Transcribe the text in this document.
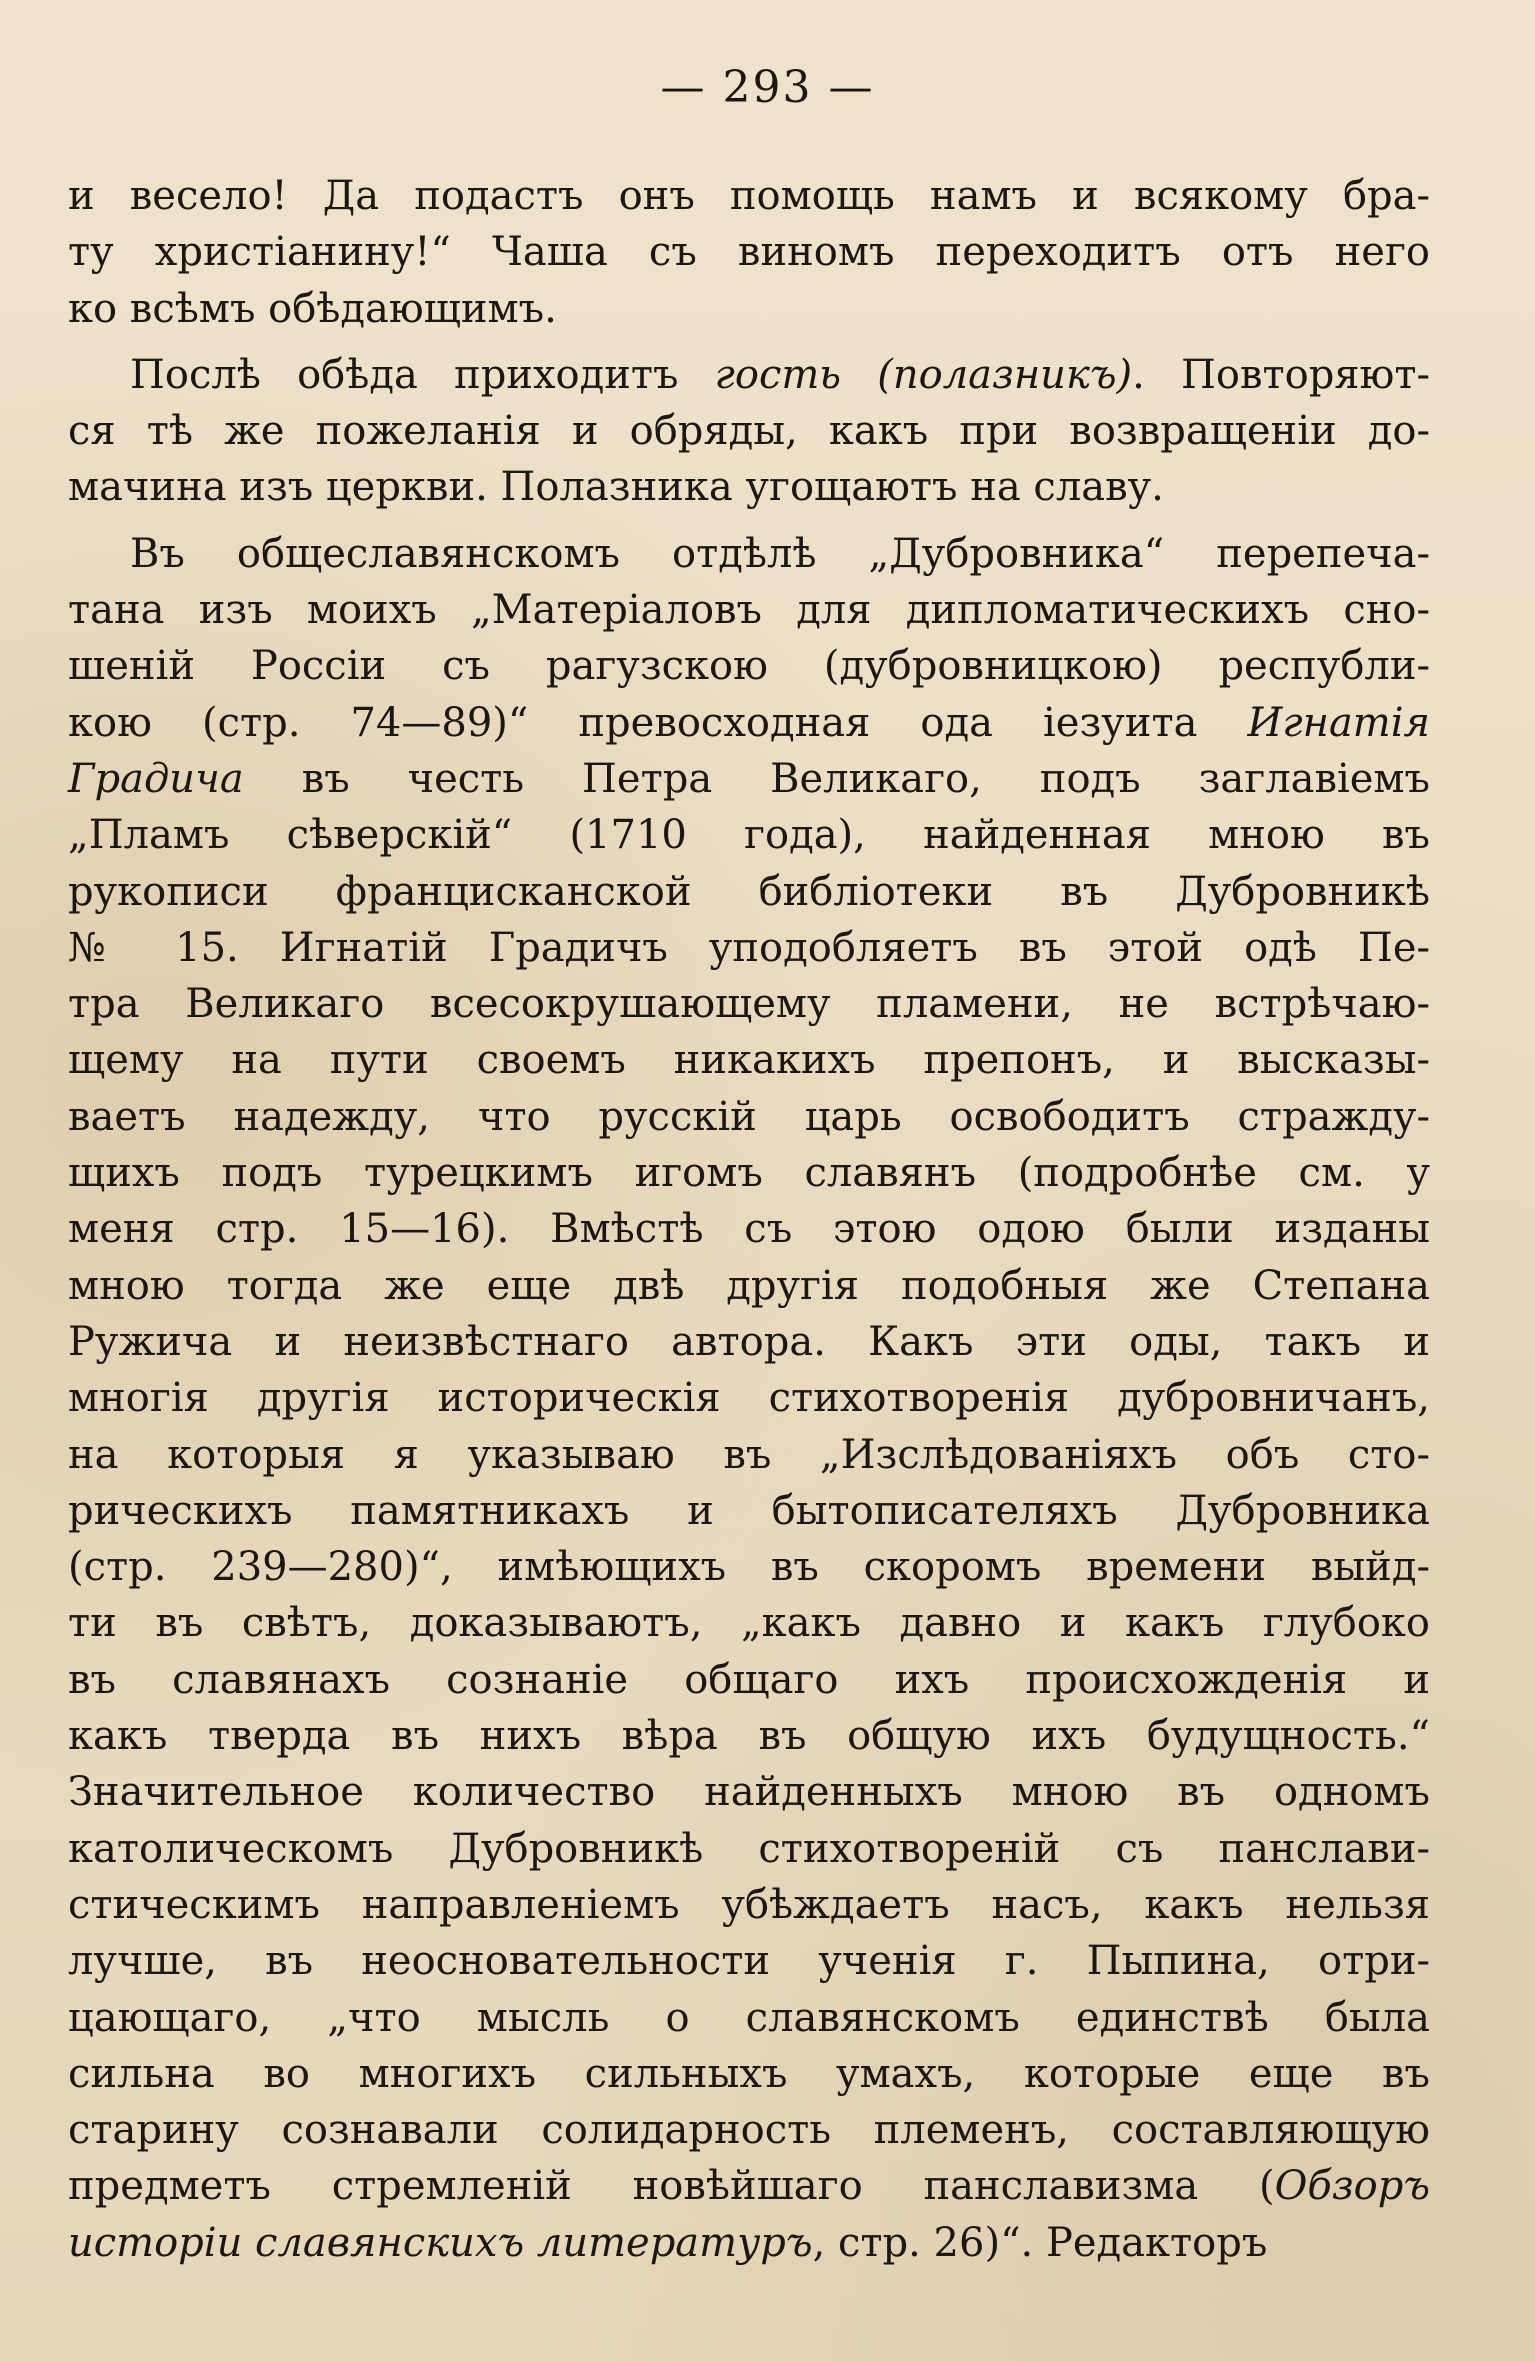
— 293 —
и весело! Да подастъ онъ помощь намъ и всякому бра-
ту христіанину!“ Чаша съ виномъ переходитъ отъ него
ко всѣмъ обѣдающимъ.
Послѣ обѣда приходитъ гость (полазникъ). Повторяют-
ся тѣ же пожеланія и обряды, какъ при возвращеніи до-
мачина изъ церкви. Полазника угощаютъ на славу.
Въ общеславянскомъ отдѣлѣ „Дубровника“ перепеча-
тана изъ моихъ „Матеріаловъ для дипломатическихъ сно-
шеній Россіи съ рагузскою (дубровницкою) республи-
кою (стр. 74—89)“ превосходная ода іезуита Игнатія
Градича въ честь Петра Великаго, подъ заглавіемъ
„Пламъ сѣверскій“ (1710 года), найденная мною въ
рукописи францисканской библіотеки въ Дубровникѣ
№ 15. Игнатій Градичъ уподобляетъ въ этой одѣ Пе-
тра Великаго всесокрушающему пламени, не встрѣчаю-
щему на пути своемъ никакихъ препонъ, и высказы-
ваетъ надежду, что русскій царь освободитъ стражду-
щихъ подъ турецкимъ игомъ славянъ (подробнѣе см. у
меня стр. 15—16). Вмѣстѣ съ этою одою были изданы
мною тогда же еще двѣ другія подобныя же Степана
Ружича и неизвѣстнаго автора. Какъ эти оды, такъ и
многія другія историческія стихотворенія дубровничанъ,
на которыя я указываю въ „Изслѣдованіяхъ объ сто-
рическихъ памятникахъ и бытописателяхъ Дубровника
(стр. 239—280)“, имѣющихъ въ скоромъ времени выйд-
ти въ свѣтъ, доказываютъ, „какъ давно и какъ глубоко
въ славянахъ сознаніе общаго ихъ происхожденія и
какъ тверда въ нихъ вѣра въ общую ихъ будущность.“
Значительное количество найденныхъ мною въ одномъ
католическомъ Дубровникѣ стихотвореній съ панслави-
стическимъ направленіемъ убѣждаетъ насъ, какъ нельзя
лучше, въ неосновательности ученія г. Пыпина, отри-
цающаго, „что мысль о славянскомъ единствѣ была
сильна во многихъ сильныхъ умахъ, которые еще въ
старину сознавали солидарность племенъ, составляющую
предметъ стремленій новѣйшаго панславизма (Обзоръ
исторіи славянскихъ литературъ, стр. 26)“. Редакторъ
